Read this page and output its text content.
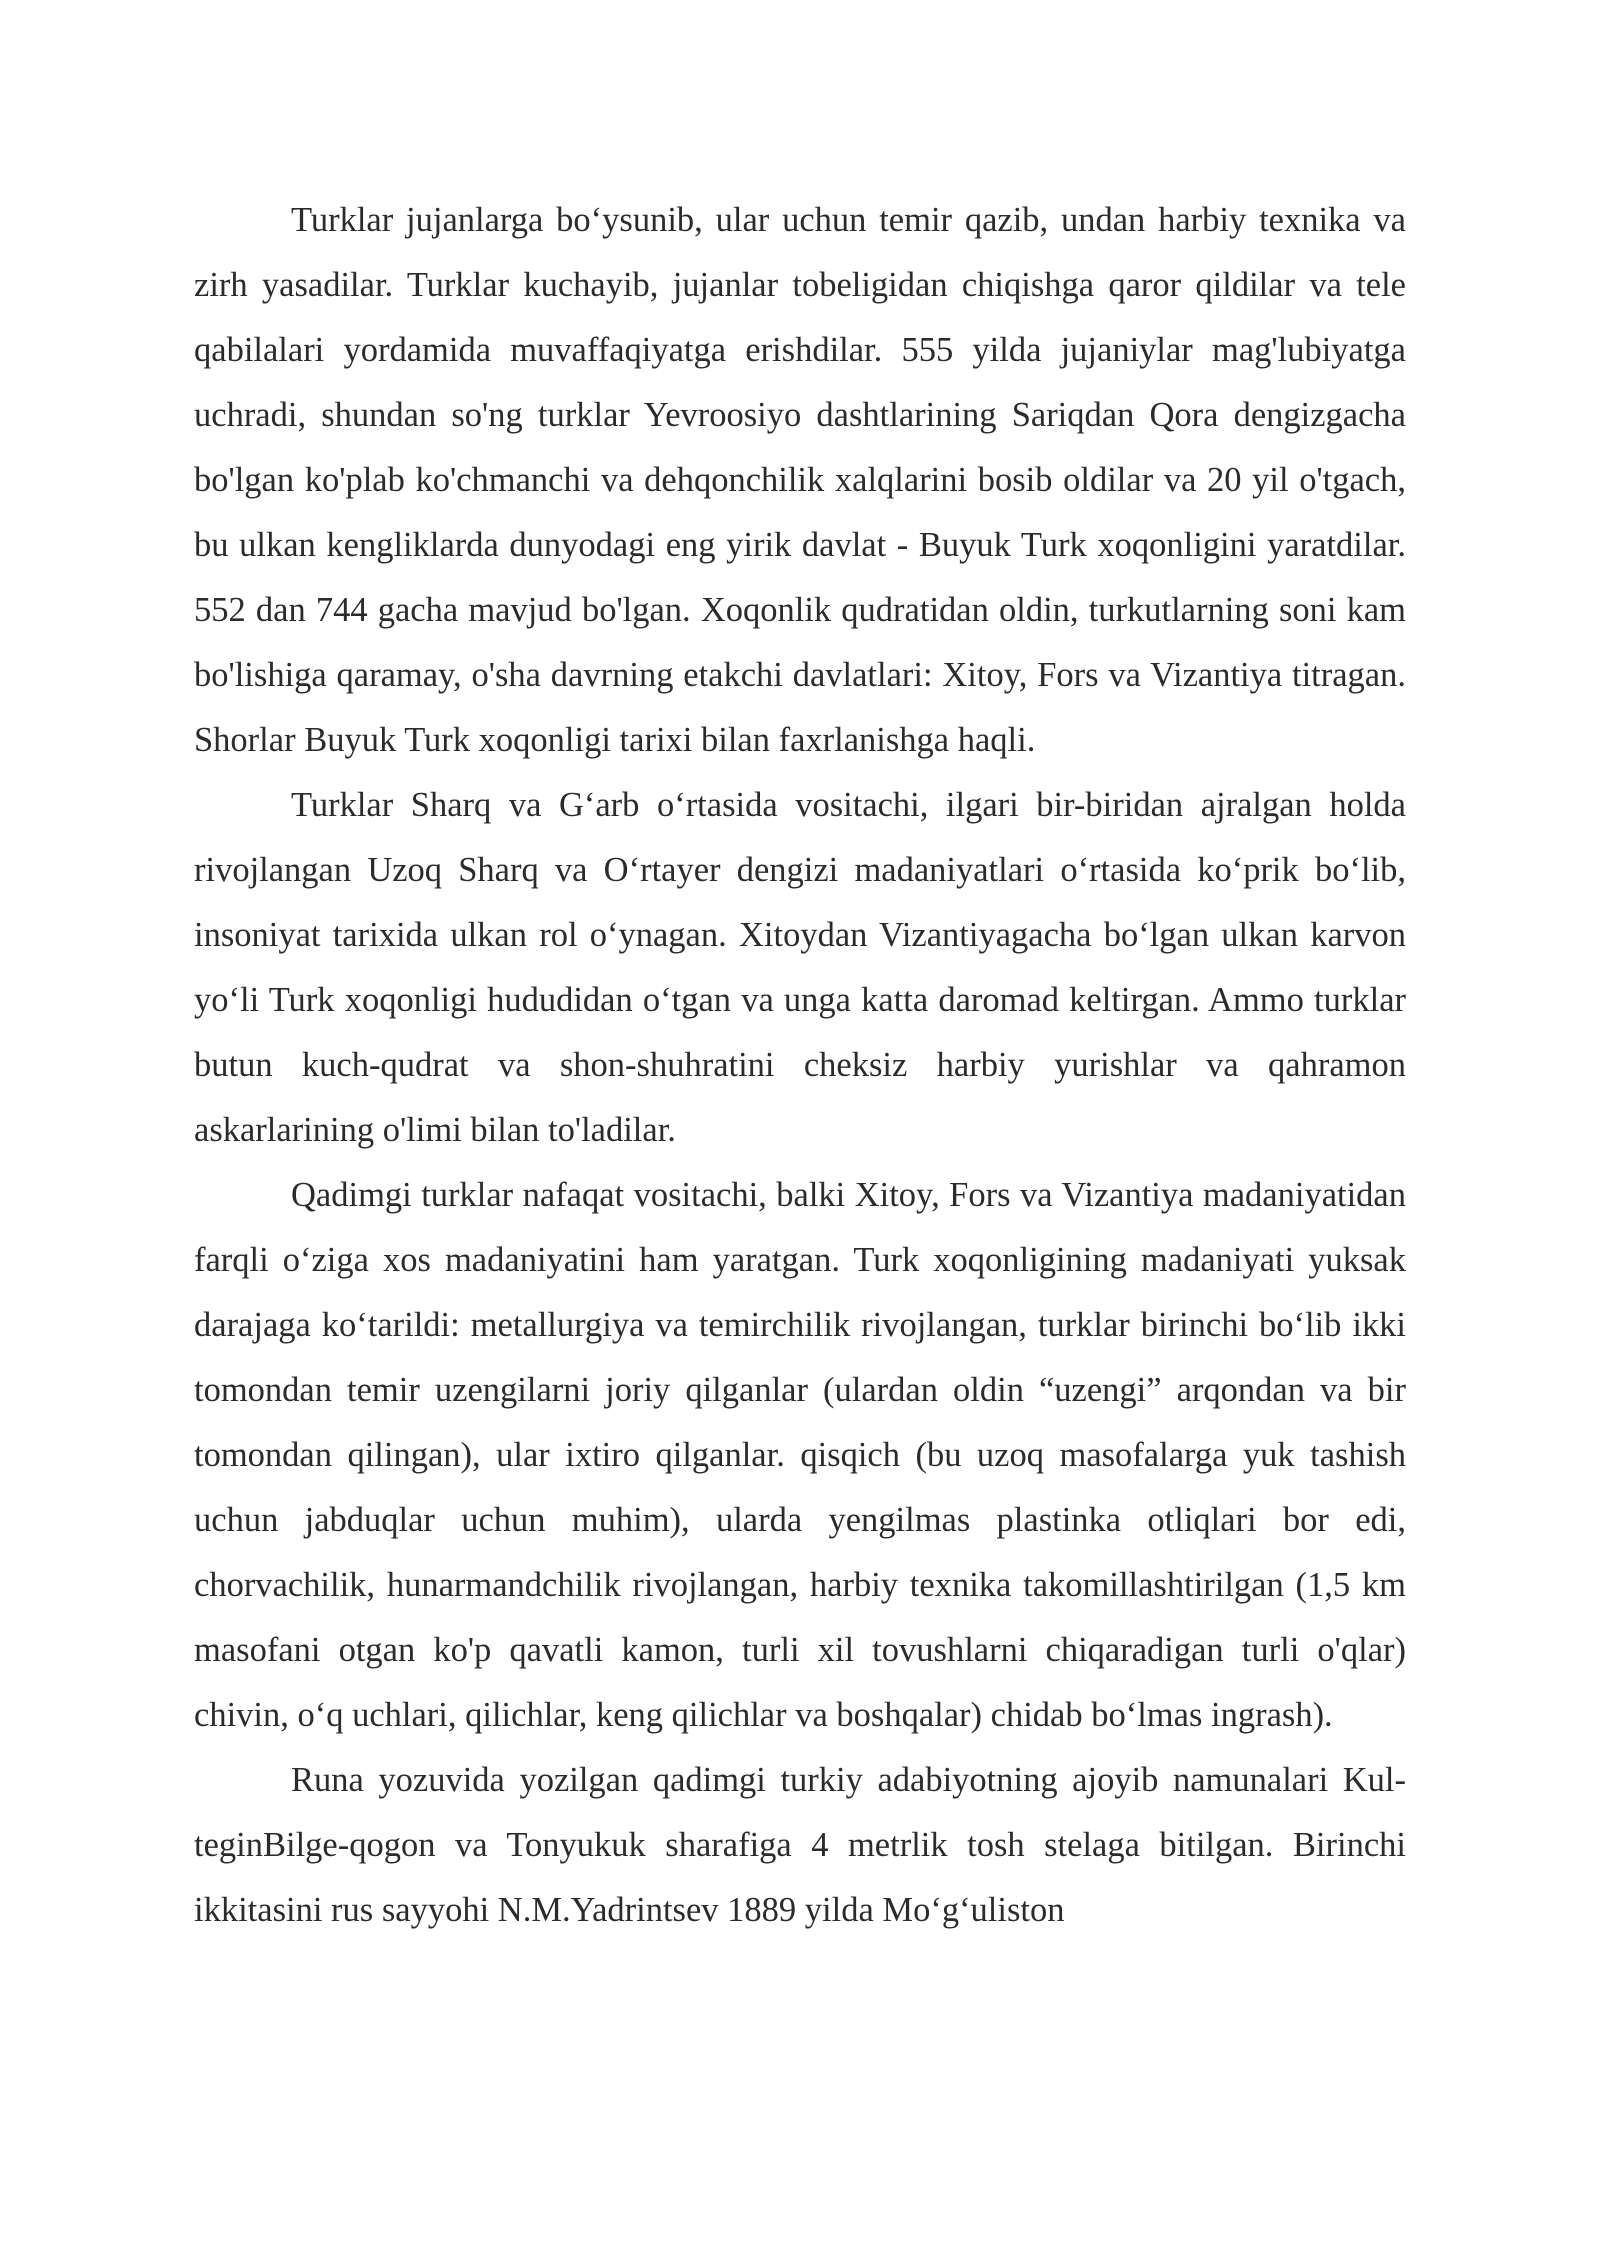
Turklar jujanlarga bo‘ysunib, ular uchun temir qazib, undan harbiy texnika va zirh yasadilar. Turklar kuchayib, jujanlar tobeligidan chiqishga qaror qildilar va tele qabilalari yordamida muvaffaqiyatga erishdilar. 555 yilda jujaniylar mag'lubiyatga uchradi, shundan so'ng turklar Yevroosiyo dashtlarining Sariqdan Qora dengizgacha bo'lgan ko'plab ko'chmanchi va dehqonchilik xalqlarini bosib oldilar va 20 yil o'tgach, bu ulkan kengliklarda dunyodagi eng yirik davlat - Buyuk Turk xoqonligini yaratdilar. 552 dan 744 gacha mavjud bo'lgan. Xoqonlik qudratidan oldin, turkutlarning soni kam bo'lishiga qaramay, o'sha davrning etakchi davlatlari: Xitoy, Fors va Vizantiya titragan. Shorlar Buyuk Turk xoqonligi tarixi bilan faxrlanishga haqli.

Turklar Sharq va G‘arb o‘rtasida vositachi, ilgari bir-biridan ajralgan holda rivojlangan Uzoq Sharq va O‘rtayer dengizi madaniyatlari o‘rtasida ko‘prik bo‘lib, insoniyat tarixida ulkan rol o‘ynagan. Xitoydan Vizantiyagacha bo‘lgan ulkan karvon yo‘li Turk xoqonligi hududidan o‘tgan va unga katta daromad keltirgan. Ammo turklar butun kuch-qudrat va shon-shuhratini cheksiz harbiy yurishlar va qahramon askarlarining o'limi bilan to'ladilar.

Qadimgi turklar nafaqat vositachi, balki Xitoy, Fors va Vizantiya madaniyatidan farqli o‘ziga xos madaniyatini ham yaratgan. Turk xoqonligining madaniyati yuksak darajaga ko‘tarildi: metallurgiya va temirchilik rivojlangan, turklar birinchi bo‘lib ikki tomondan temir uzengilarni joriy qilganlar (ulardan oldin “uzengi” arqondan va bir tomondan qilingan), ular ixtiro qilganlar. qisqich (bu uzoq masofalarga yuk tashish uchun jabduqlar uchun muhim), ularda yengilmas plastinka otliqlari bor edi, chorvachilik, hunarmandchilik rivojlangan, harbiy texnika takomillashtirilgan (1,5 km masofani otgan ko'p qavatli kamon, turli xil tovushlarni chiqaradigan turli o'qlar) chivin, o‘q uchlari, qilichlar, keng qilichlar va boshqalar) chidab bo‘lmas ingrash).

Runa yozuvida yozilgan qadimgi turkiy adabiyotning ajoyib namunalari Kul-teginBilge-qogon va Tonyukuk sharafiga 4 metrlik tosh stelaga bitilgan. Birinchi ikkitasini rus sayyohi N.M.Yadrintsev 1889 yilda Mo‘g‘uliston
